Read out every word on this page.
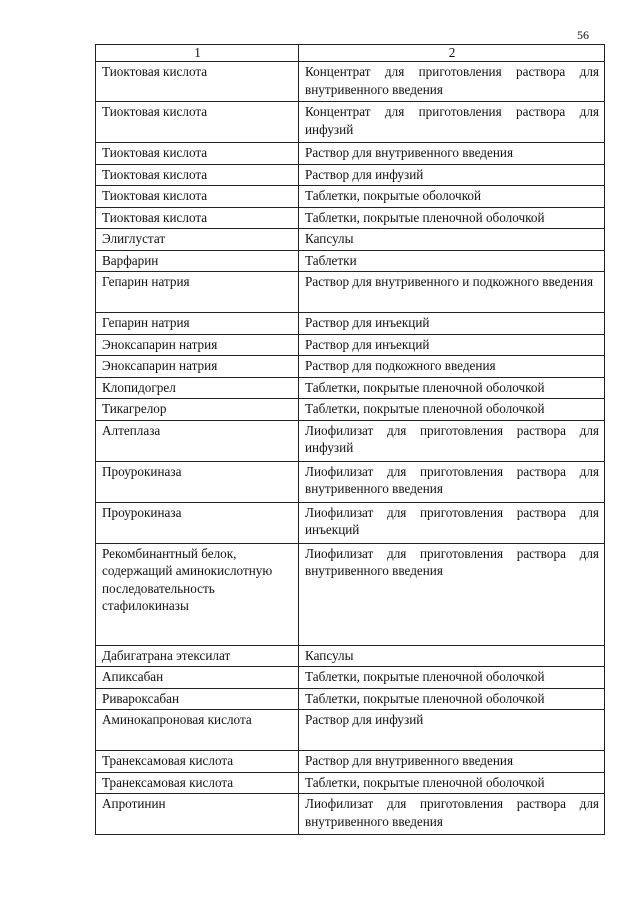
56
1	2
Тиоктовая кислота	Концентрат для приготовления раствора для внутривенного введения
Тиоктовая кислота	Концентрат для приготовления раствора для инфузий
Тиоктовая кислота	Раствор для внутривенного введения
Тиоктовая кислота	Раствор для инфузий
Тиоктовая кислота	Таблетки, покрытые оболочкой
Тиоктовая кислота	Таблетки, покрытые пленочной оболочкой
Элиглустат	Капсулы
Варфарин	Таблетки
Гепарин натрия	Раствор для внутривенного и подкожного введения
Гепарин натрия	Раствор для инъекций
Эноксапарин натрия	Раствор для инъекций
Эноксапарин натрия	Раствор для подкожного введения
Клопидогрел	Таблетки, покрытые пленочной оболочкой
Тикагрелор	Таблетки, покрытые пленочной оболочкой
Алтеплаза	Лиофилизат для приготовления раствора для инфузий
Проурокиназа	Лиофилизат для приготовления раствора для внутривенного введения
Проурокиназа	Лиофилизат для приготовления раствора для инъекций
Рекомбинантный белок, содержащий аминокислотную последовательность стафилокиназы	Лиофилизат для приготовления раствора для внутривенного введения
Дабигатрана этексилат	Капсулы
Апиксабан	Таблетки, покрытые пленочной оболочкой
Ривароксабан	Таблетки, покрытые пленочной оболочкой
Аминокапроновая кислота	Раствор для инфузий
Транексамовая кислота	Раствор для внутривенного введения
Транексамовая кислота	Таблетки, покрытые пленочной оболочкой
Апротинин	Лиофилизат для приготовления раствора для внутривенного введения
